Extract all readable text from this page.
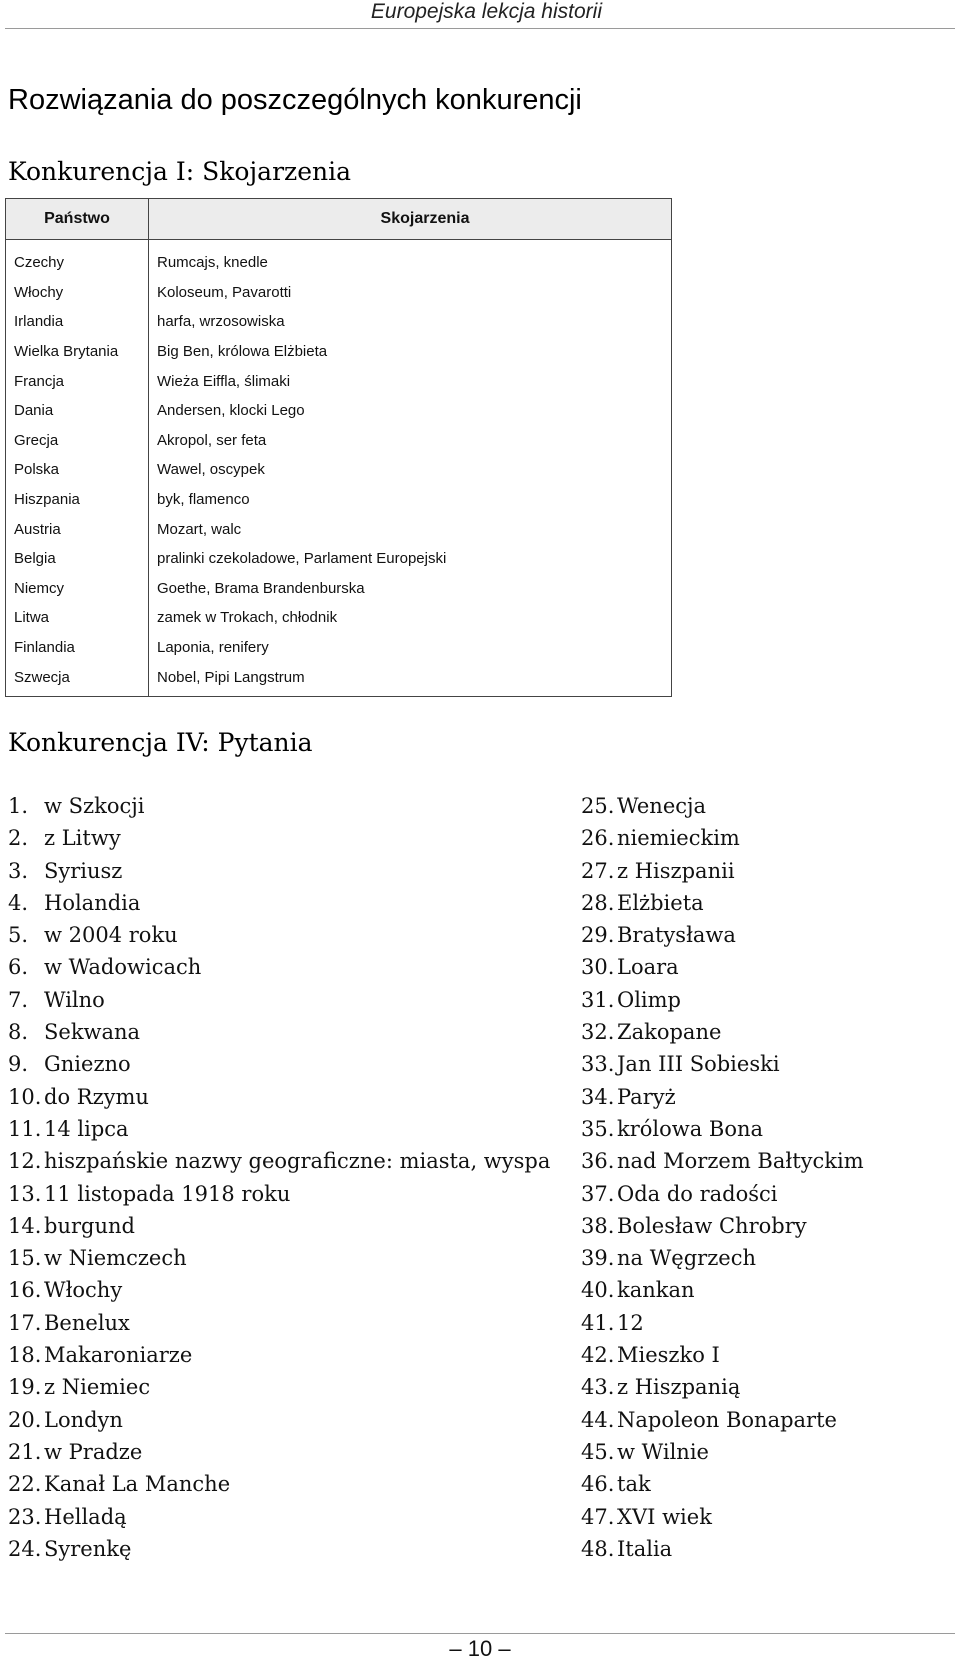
Europejska lekcja historii
Rozwiązania do poszczególnych konkurencji
Konkurencja I: Skojarzenia
Państwo	Skojarzenia
Czechy	Rumcajs, knedle
Włochy	Koloseum, Pavarotti
Irlandia	harfa, wrzosowiska
Wielka Brytania	Big Ben, królowa Elżbieta
Francja	Wieża Eiffla, ślimaki
Dania	Andersen, klocki Lego
Grecja	Akropol, ser feta
Polska	Wawel, oscypek
Hiszpania	byk, flamenco
Austria	Mozart, walc
Belgia	pralinki czekoladowe, Parlament Europejski
Niemcy	Goethe, Brama Brandenburska
Litwa	zamek w Trokach, chłodnik
Finlandia	Laponia, renifery
Szwecja	Nobel, Pipi Langstrum
Konkurencja IV: Pytania
1. w Szkocji
2. z Litwy
3. Syriusz
4. Holandia
5. w 2004 roku
6. w Wadowicach
7. Wilno
8. Sekwana
9. Gniezno
10. do Rzymu
11. 14 lipca
12. hiszpańskie nazwy geograficzne: miasta, wyspa
13. 11 listopada 1918 roku
14. burgund
15. w Niemczech
16. Włochy
17. Benelux
18. Makaroniarze
19. z Niemiec
20. Londyn
21. w Pradze
22. Kanał La Manche
23. Helladą
24. Syrenkę
25. Wenecja
26. niemieckim
27. z Hiszpanii
28. Elżbieta
29. Bratysława
30. Loara
31. Olimp
32. Zakopane
33. Jan III Sobieski
34. Paryż
35. królowa Bona
36. nad Morzem Bałtyckim
37. Oda do radości
38. Bolesław Chrobry
39. na Węgrzech
40. kankan
41. 12
42. Mieszko I
43. z Hiszpanią
44. Napoleon Bonaparte
45. w Wilnie
46. tak
47. XVI wiek
48. Italia
– 10 –
